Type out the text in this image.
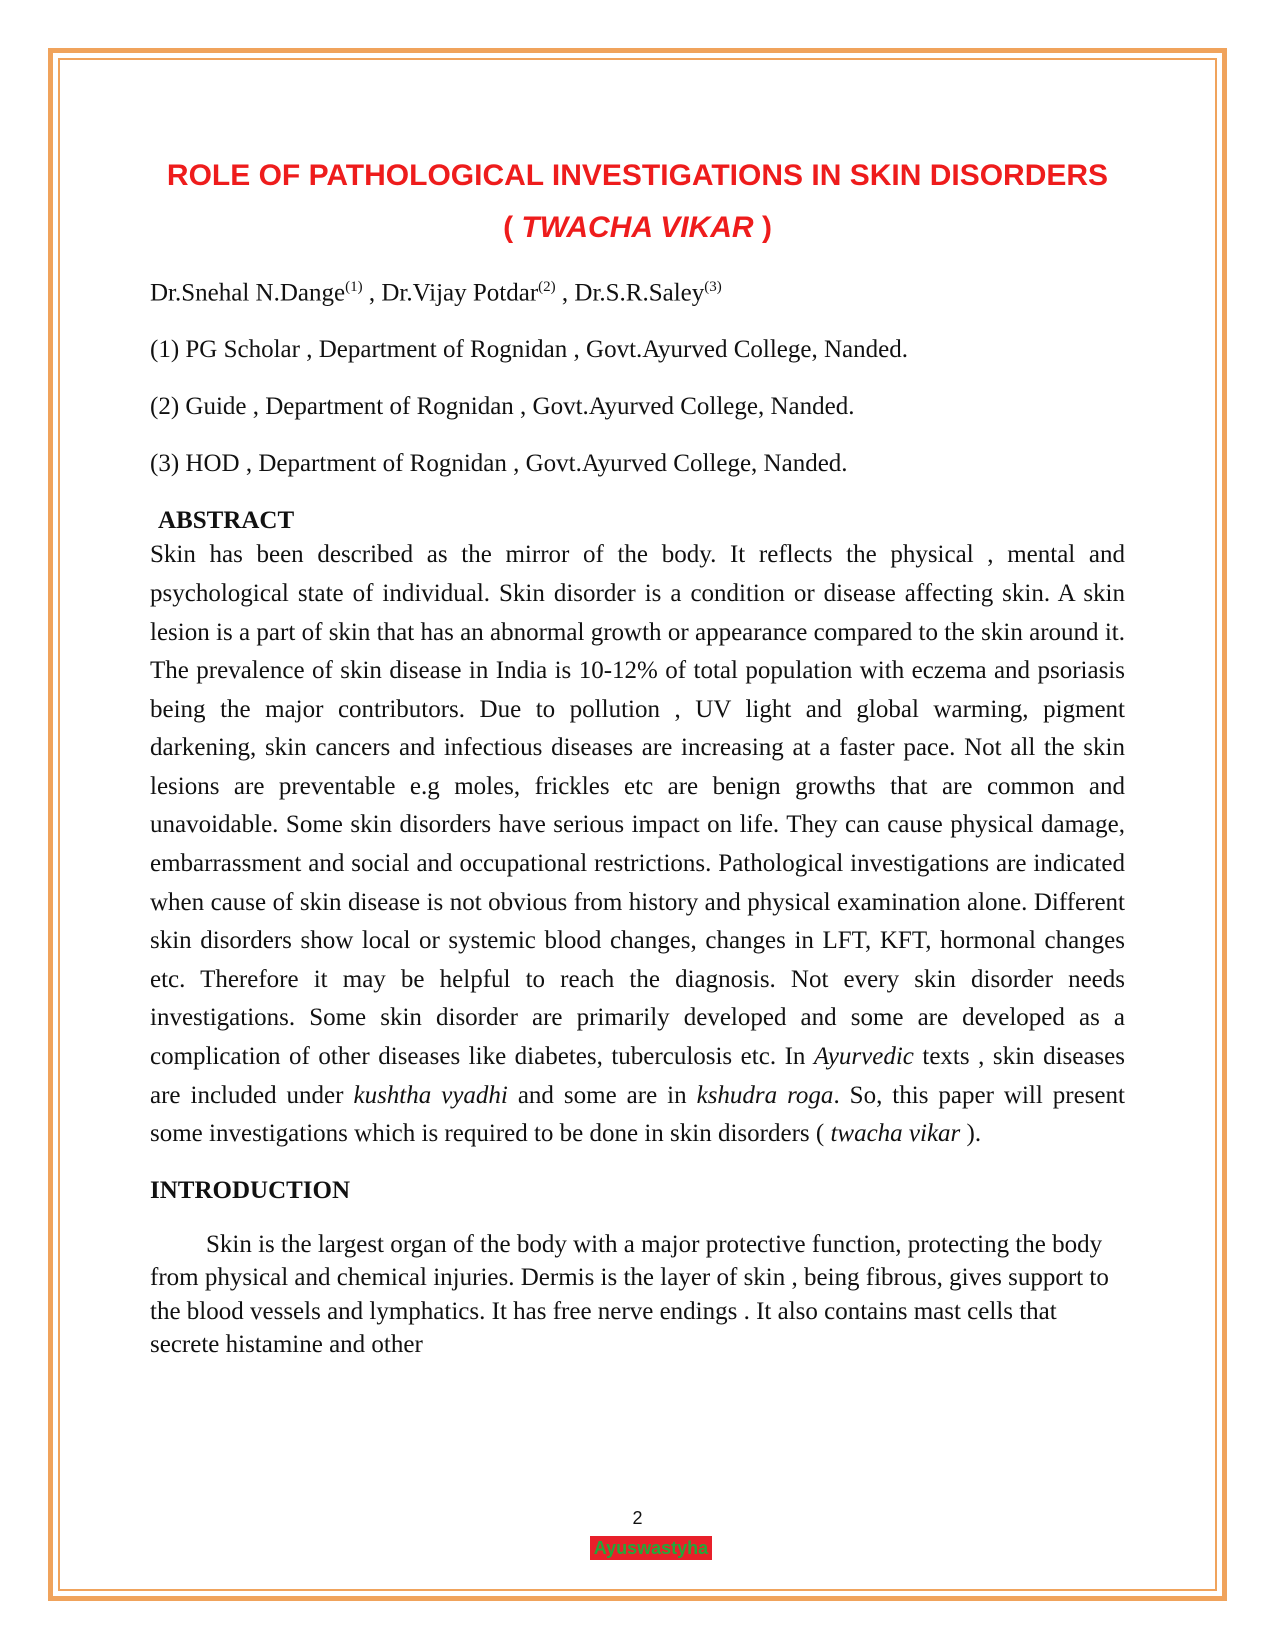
ROLE OF PATHOLOGICAL INVESTIGATIONS IN SKIN DISORDERS
( TWACHA VIKAR )
Dr.Snehal N.Dange$^{(1)}$ , Dr.Vijay Potdar$^{(2)}$ , Dr.S.R.Saley$^{(3)}$
(1) PG Scholar , Department of Rognidan , Govt.Ayurved College, Nanded.
(2) Guide , Department of Rognidan , Govt.Ayurved College, Nanded.
(3) HOD , Department of Rognidan , Govt.Ayurved College, Nanded.
ABSTRACT

Skin has been described as the mirror of the body. It reflects the physical , mental and psychological state of individual. Skin disorder is a condition or disease affecting skin. A skin lesion is a part of skin that has an abnormal growth or appearance compared to the skin around it. The prevalence of skin disease in India is 10-12% of total population with eczema and psoriasis being the major contributors. Due to pollution , UV light and global warming, pigment darkening, skin cancers and infectious diseases are increasing at a faster pace. Not all the skin lesions are preventable e.g moles, frickles etc are benign growths that are common and unavoidable. Some skin disorders have serious impact on life. They can cause physical damage, embarrassment and social and occupational restrictions. Pathological investigations are indicated when cause of skin disease is not obvious from history and physical examination alone. Different skin disorders show local or systemic blood changes, changes in LFT, KFT, hormonal changes etc. Therefore it may be helpful to reach the diagnosis. Not every skin disorder needs investigations. Some skin disorder are primarily developed and some are developed as a complication of other diseases like diabetes, tuberculosis etc. In Ayurvedic texts , skin diseases are included under kushtha vyadhi and some are in kshudra roga. So, this paper will present some investigations which is required to be done in skin disorders ( twacha vikar ).

INTRODUCTION

Skin is the largest organ of the body with a major protective function, protecting the body from physical and chemical injuries. Dermis is the layer of skin , being fibrous, gives support to the blood vessels and lymphatics. It has free nerve endings . It also contains mast cells that secrete histamine and other

2
Ayuswastyha
